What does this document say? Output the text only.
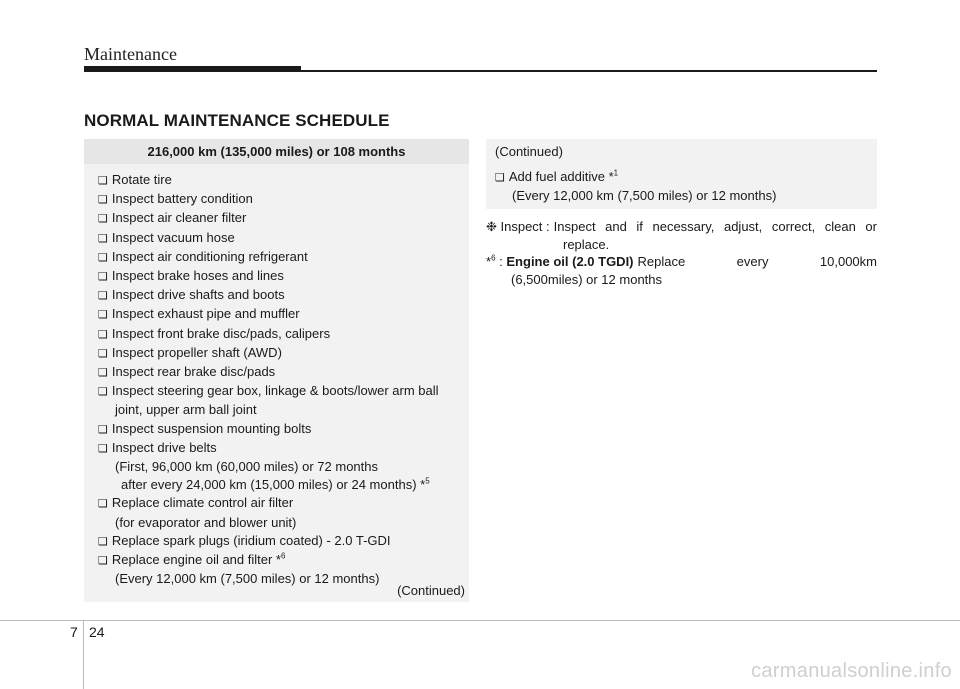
Maintenance
NORMAL MAINTENANCE SCHEDULE
216,000 km (135,000 miles) or 108 months
❑ Rotate tire
❑ Inspect battery condition
❑ Inspect air cleaner filter
❑ Inspect vacuum hose
❑ Inspect air conditioning refrigerant
❑ Inspect brake hoses and lines
❑ Inspect drive shafts and boots
❑ Inspect exhaust pipe and muffler
❑ Inspect front brake disc/pads, calipers
❑ Inspect propeller shaft (AWD)
❑ Inspect rear brake disc/pads
❑ Inspect steering gear box, linkage & boots/lower arm ball
joint, upper arm ball joint
❑ Inspect suspension mounting bolts
❑ Inspect drive belts
(First, 96,000 km (60,000 miles) or 72 months
after every 24,000 km (15,000 miles) or 24 months) *$^5$
❑ Replace climate control air filter
(for evaporator and blower unit)
❑ Replace spark plugs (iridium coated) - 2.0 T-GDI
❑ Replace engine oil and filter *$^6$
(Every 12,000 km (7,500 miles) or 12 months)
(Continued)
(Continued)
❑ Add fuel additive *$^1$
(Every 12,000 km (7,500 miles) or 12 months)
❉ Inspect : Inspect and if necessary, adjust, correct, clean or
replace.
*$^6$ : Engine oil (2.0 TGDI) Replace every 10,000km
(6,500miles) or 12 months
7 24
carmanualsonline.info
